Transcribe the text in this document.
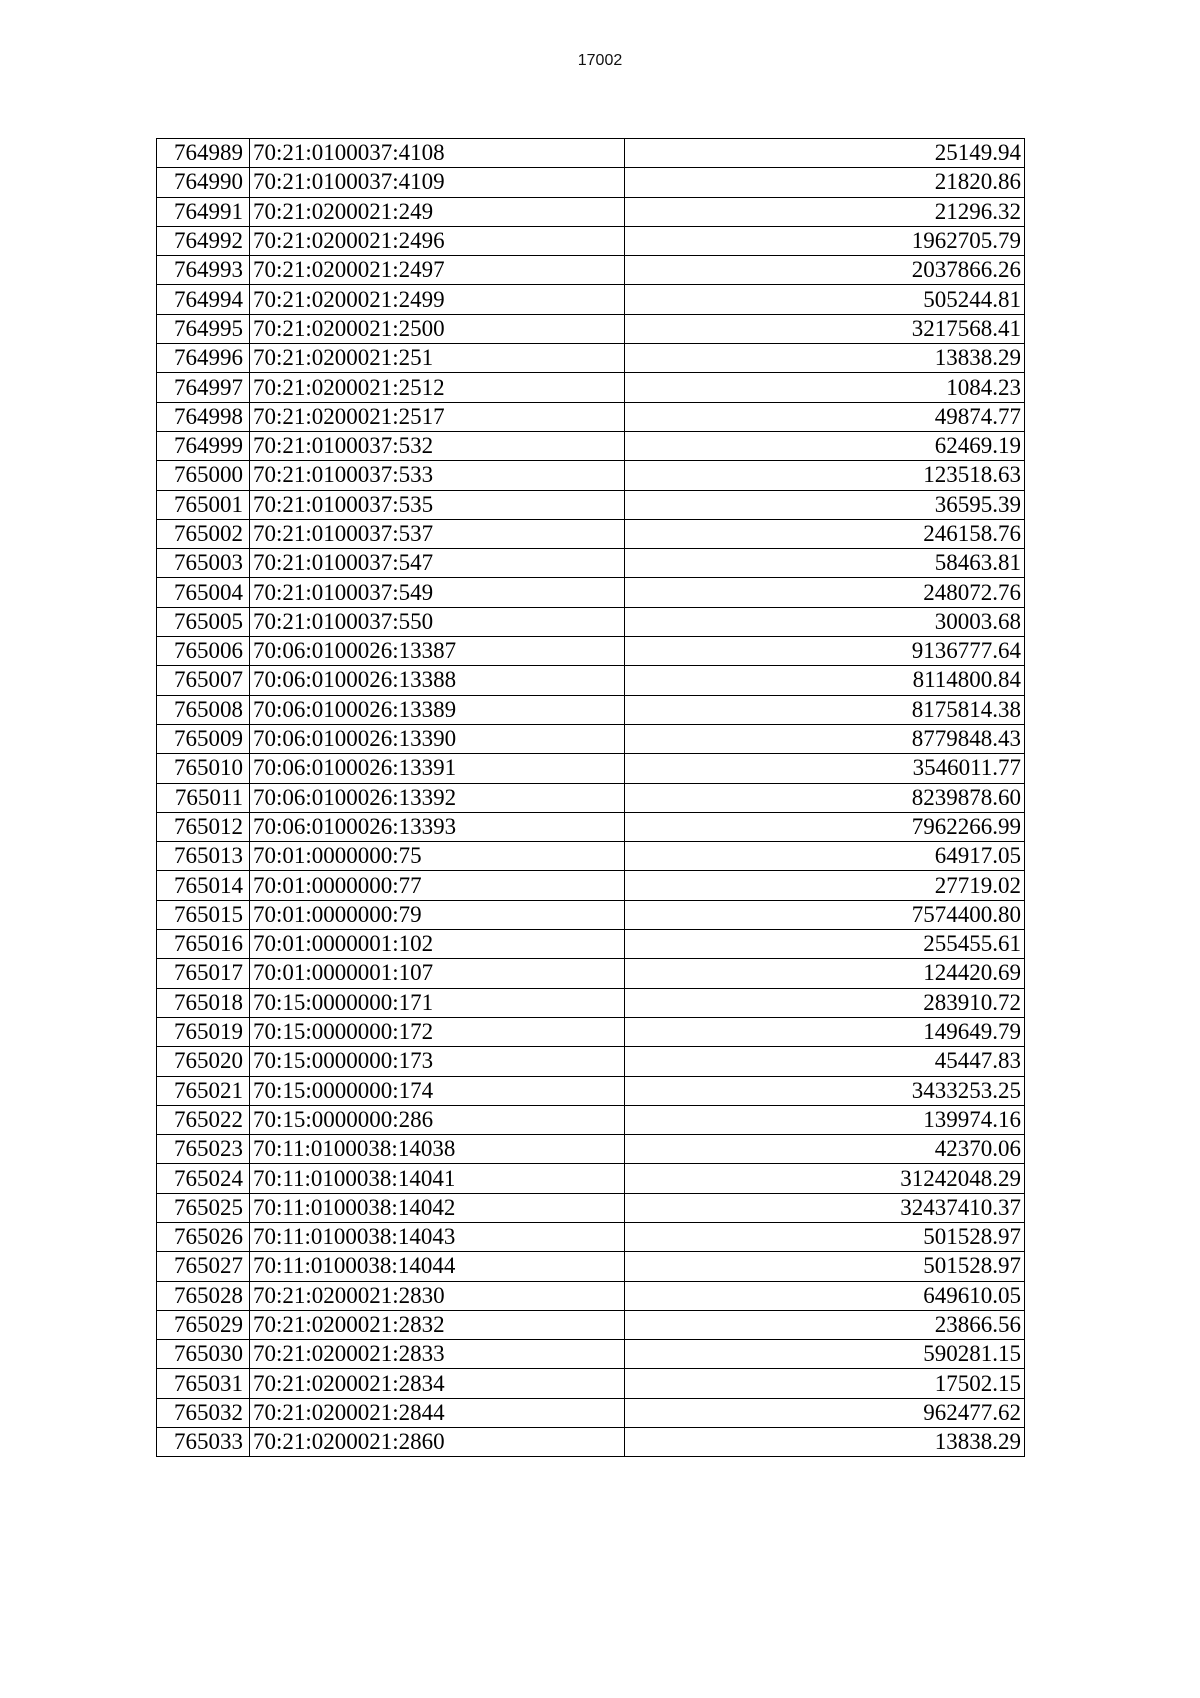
17002
764989	70:21:0100037:4108	25149.94
764990	70:21:0100037:4109	21820.86
764991	70:21:0200021:249	21296.32
764992	70:21:0200021:2496	1962705.79
764993	70:21:0200021:2497	2037866.26
764994	70:21:0200021:2499	505244.81
764995	70:21:0200021:2500	3217568.41
764996	70:21:0200021:251	13838.29
764997	70:21:0200021:2512	1084.23
764998	70:21:0200021:2517	49874.77
764999	70:21:0100037:532	62469.19
765000	70:21:0100037:533	123518.63
765001	70:21:0100037:535	36595.39
765002	70:21:0100037:537	246158.76
765003	70:21:0100037:547	58463.81
765004	70:21:0100037:549	248072.76
765005	70:21:0100037:550	30003.68
765006	70:06:0100026:13387	9136777.64
765007	70:06:0100026:13388	8114800.84
765008	70:06:0100026:13389	8175814.38
765009	70:06:0100026:13390	8779848.43
765010	70:06:0100026:13391	3546011.77
765011	70:06:0100026:13392	8239878.60
765012	70:06:0100026:13393	7962266.99
765013	70:01:0000000:75	64917.05
765014	70:01:0000000:77	27719.02
765015	70:01:0000000:79	7574400.80
765016	70:01:0000001:102	255455.61
765017	70:01:0000001:107	124420.69
765018	70:15:0000000:171	283910.72
765019	70:15:0000000:172	149649.79
765020	70:15:0000000:173	45447.83
765021	70:15:0000000:174	3433253.25
765022	70:15:0000000:286	139974.16
765023	70:11:0100038:14038	42370.06
765024	70:11:0100038:14041	31242048.29
765025	70:11:0100038:14042	32437410.37
765026	70:11:0100038:14043	501528.97
765027	70:11:0100038:14044	501528.97
765028	70:21:0200021:2830	649610.05
765029	70:21:0200021:2832	23866.56
765030	70:21:0200021:2833	590281.15
765031	70:21:0200021:2834	17502.15
765032	70:21:0200021:2844	962477.62
765033	70:21:0200021:2860	13838.29
